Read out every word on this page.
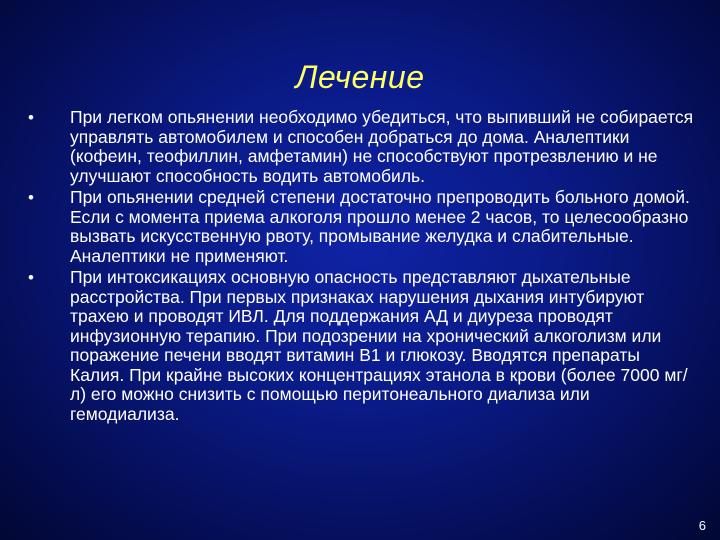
Лечение
• При легком опьянении необходимо убедиться, что выпивший не собирается управлять автомобилем и способен добраться до дома. Аналептики (кофеин, теофиллин, амфетамин) не способствуют протрезвлению и не улучшают способность водить автомобиль.
• При опьянении средней степени достаточно препроводить больного домой. Если с момента приема алкоголя прошло менее 2 часов, то целесообразно вызвать искусственную рвоту, промывание желудка и слабительные. Аналептики не применяют.
• При интоксикациях основную опасность представляют дыхательные расстройства. При первых признаках нарушения дыхания интубируют трахею и проводят ИВЛ. Для поддержания АД и диуреза проводят инфузионную терапию. При подозрении на хронический алкоголизм или поражение печени вводят витамин В1 и глюкозу. Вводятся препараты Калия. При крайне высоких концентрациях этанола в крови (более 7000 мг/л) его можно снизить с помощью перитонеального диализа или гемодиализа.
6
